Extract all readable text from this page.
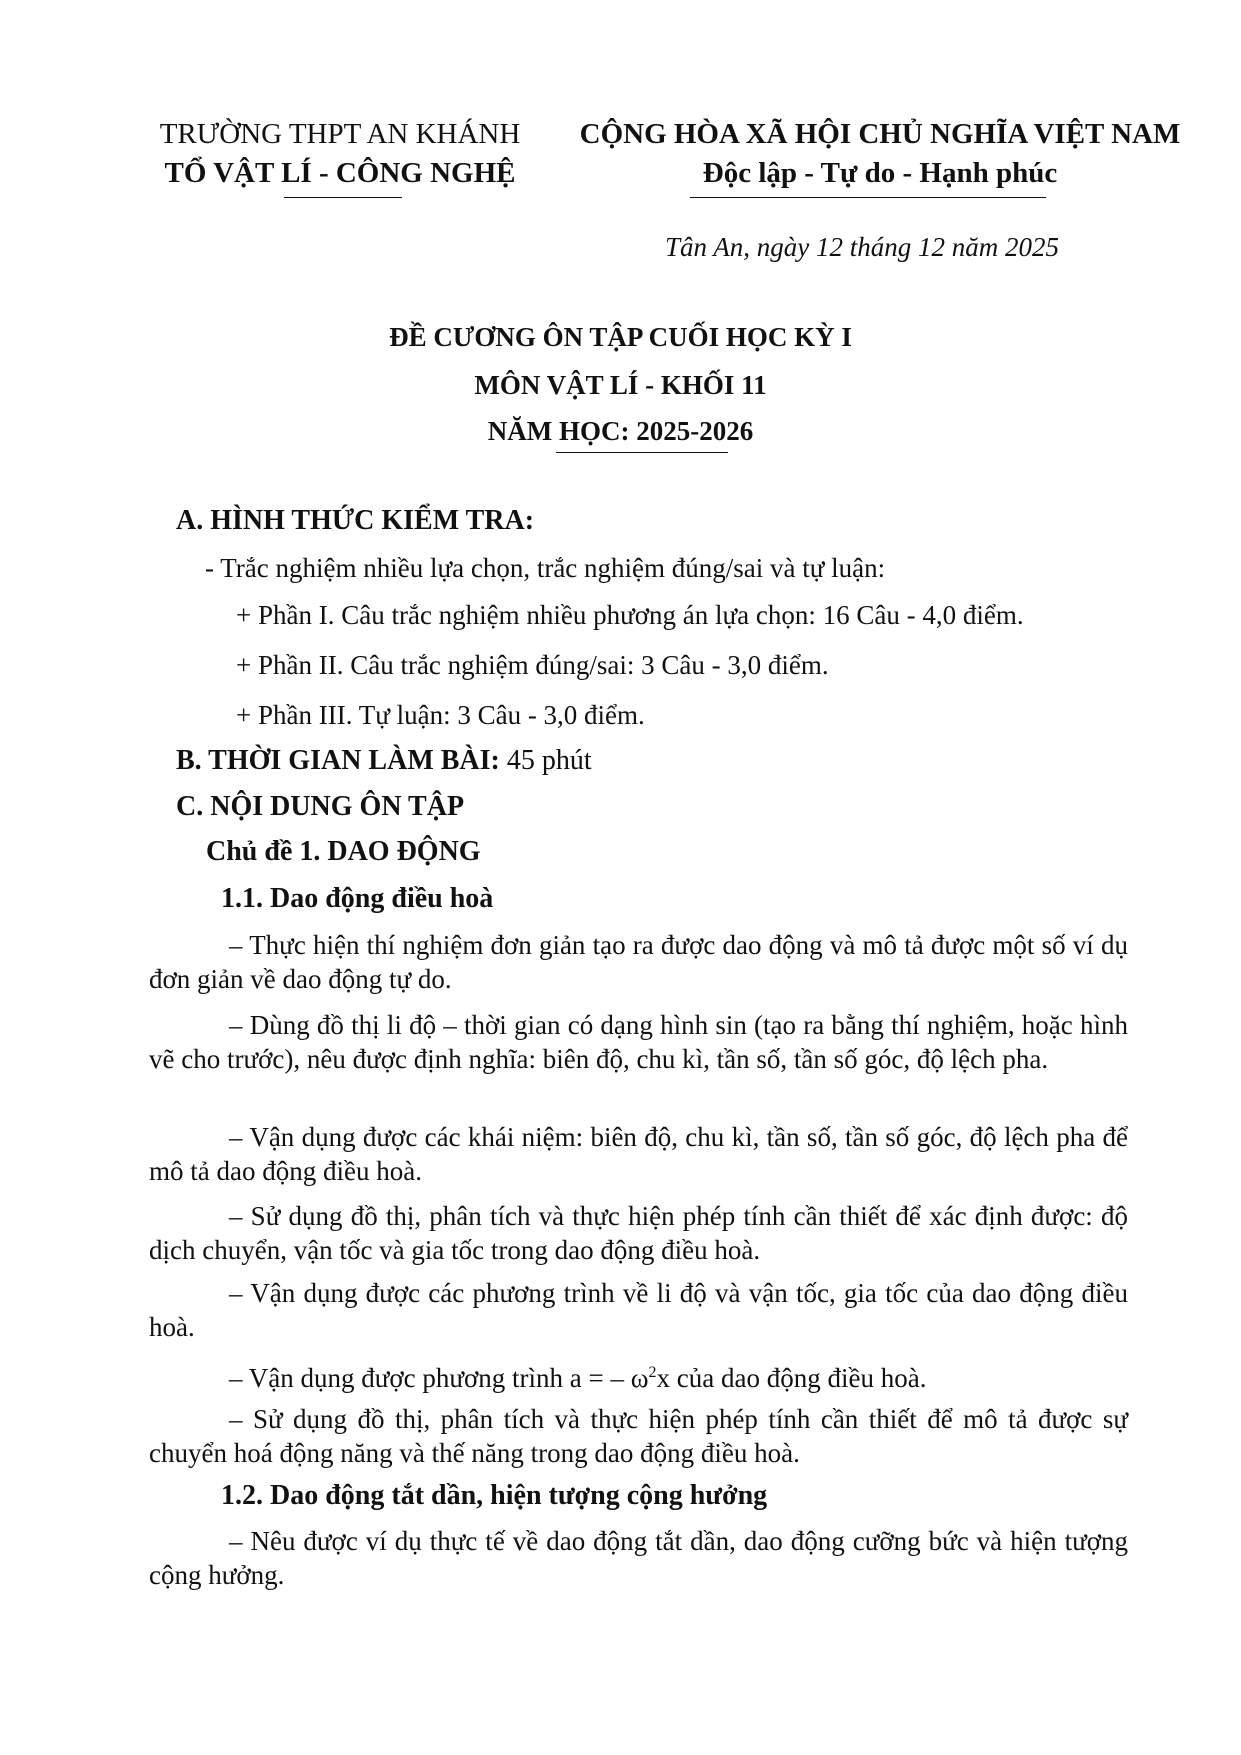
TRƯỜNG THPT AN KHÁNH
TỔ VẬT LÍ - CÔNG NGHỆ
CỘNG HÒA XÃ HỘI CHỦ NGHĨA VIỆT NAM
Độc lập - Tự do - Hạnh phúc
Tân An, ngày 12 tháng 12 năm 2025
ĐỀ CƯƠNG ÔN TẬP CUỐI HỌC KỲ I
MÔN VẬT LÍ - KHỐI 11
NĂM HỌC: 2025-2026
A. HÌNH THỨC KIỂM TRA:
- Trắc nghiệm nhiều lựa chọn, trắc nghiệm đúng/sai và tự luận:
+ Phần I. Câu trắc nghiệm nhiều phương án lựa chọn: 16 Câu - 4,0 điểm.
+ Phần II. Câu trắc nghiệm đúng/sai: 3 Câu - 3,0 điểm.
+ Phần III. Tự luận: 3 Câu - 3,0 điểm.
B. THỜI GIAN LÀM BÀI: 45 phút
C. NỘI DUNG ÔN TẬP
Chủ đề 1. DAO ĐỘNG
1.1. Dao động điều hoà
– Thực hiện thí nghiệm đơn giản tạo ra được dao động và mô tả được một số ví dụ đơn giản về dao động tự do.
– Dùng đồ thị li độ – thời gian có dạng hình sin (tạo ra bằng thí nghiệm, hoặc hình vẽ cho trước), nêu được định nghĩa: biên độ, chu kì, tần số, tần số góc, độ lệch pha.
– Vận dụng được các khái niệm: biên độ, chu kì, tần số, tần số góc, độ lệch pha để mô tả dao động điều hoà.
– Sử dụng đồ thị, phân tích và thực hiện phép tính cần thiết để xác định được: độ dịch chuyển, vận tốc và gia tốc trong dao động điều hoà.
– Vận dụng được các phương trình về li độ và vận tốc, gia tốc của dao động điều hoà.
– Vận dụng được phương trình a = – $\omega^2x$ của dao động điều hoà.
– Sử dụng đồ thị, phân tích và thực hiện phép tính cần thiết để mô tả được sự chuyển hoá động năng và thế năng trong dao động điều hoà.
1.2. Dao động tắt dần, hiện tượng cộng hưởng
– Nêu được ví dụ thực tế về dao động tắt dần, dao động cưỡng bức và hiện tượng cộng hưởng.
